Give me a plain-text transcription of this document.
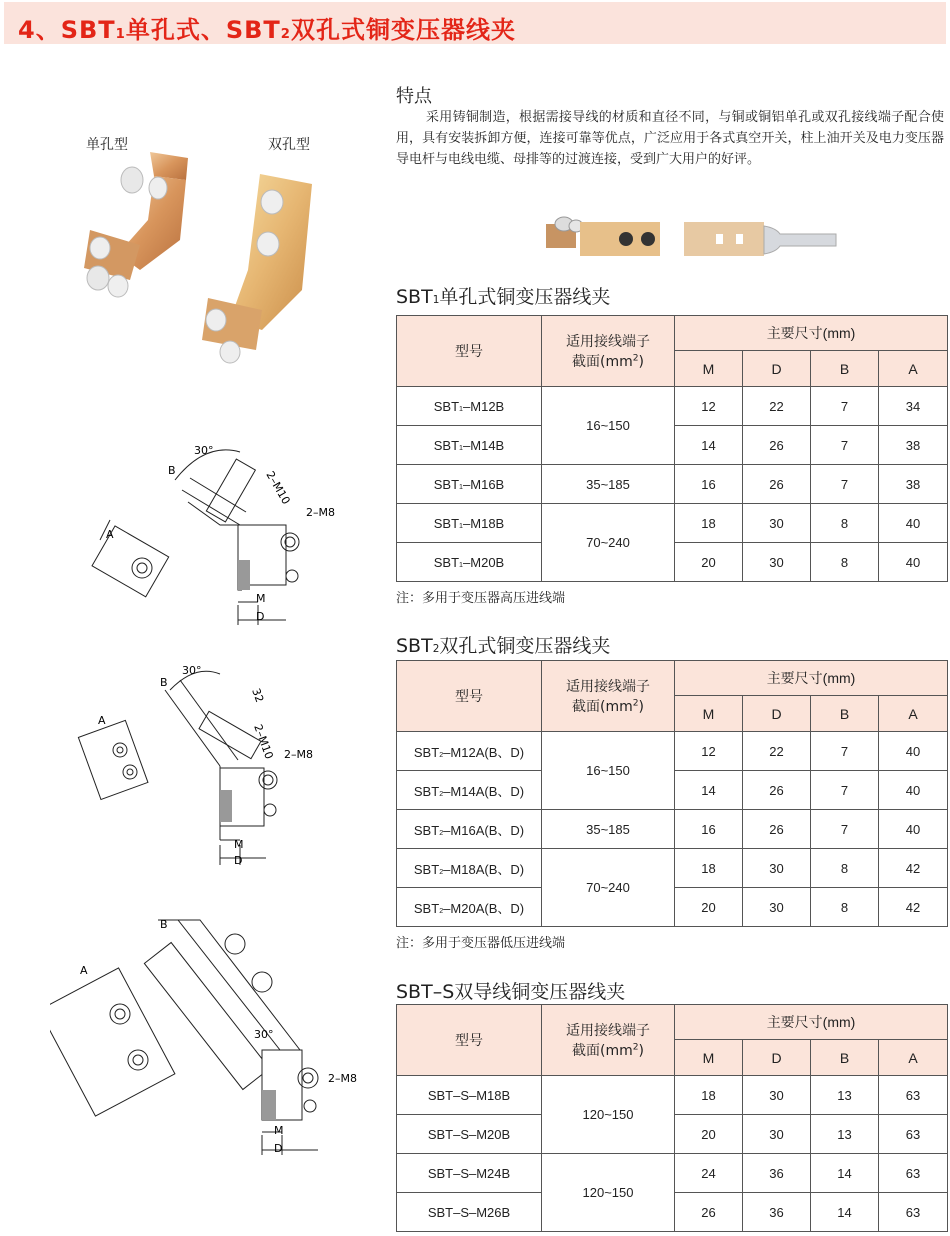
4、SBT1单孔式、SBT2双孔式铜变压器线夹
单孔型	双孔型
30°
B	2–M10
2–M8
A
M
D
30°
B
32
2–M10 2–M8
A
M
D
B
A
30°
2–M8
M
D
特点
采用铸铜制造，根据需接导线的材质和直径不同，与铜或铜铝单孔或双孔接线端子配合使用，具有安装拆卸方便，连接可靠等优点，广泛应用于各式真空开关，柱上油开关及电力变压器导电杆与电线电缆、母排等的过渡连接，受到广大用户的好评。
SBT1单孔式铜变压器线夹
型号	适用接线端子
截面$(mm^2)$	主要尺寸(mm)			
		M	D	B	A
SBT1–M12B	16~150	12	22	7	34
SBT1–M14B		14	26	7	38
SBT1–M16B	35~185	16	26	7	38
SBT1–M18B	70~240	18	30	8	40
SBT1–M20B		20	30	8	40
注：多用于变压器高压进线端
SBT2双孔式铜变压器线夹
型号	适用接线端子
截面$(mm^2)$	主要尺寸(mm)			
		M	D	B	A
SBT2–M12A(B、D)	16~150	12	22	7	40
SBT2–M14A(B、D)		14	26	7	40
SBT2–M16A(B、D)	35~185	16	26	7	40
SBT2–M18A(B、D)	70~240	18	30	8	42
SBT2–M20A(B、D)		20	30	8	42
注：多用于变压器低压进线端
SBT–S双导线铜变压器线夹
型号	适用接线端子
截面$(mm^2)$	主要尺寸(mm)			
		M	D	B	A
SBT–S–M18B	120~150	18	30	13	63
SBT–S–M20B		20	30	13	63
SBT–S–M24B	120~150	24	36	14	63
SBT–S–M26B		26	36	14	63
